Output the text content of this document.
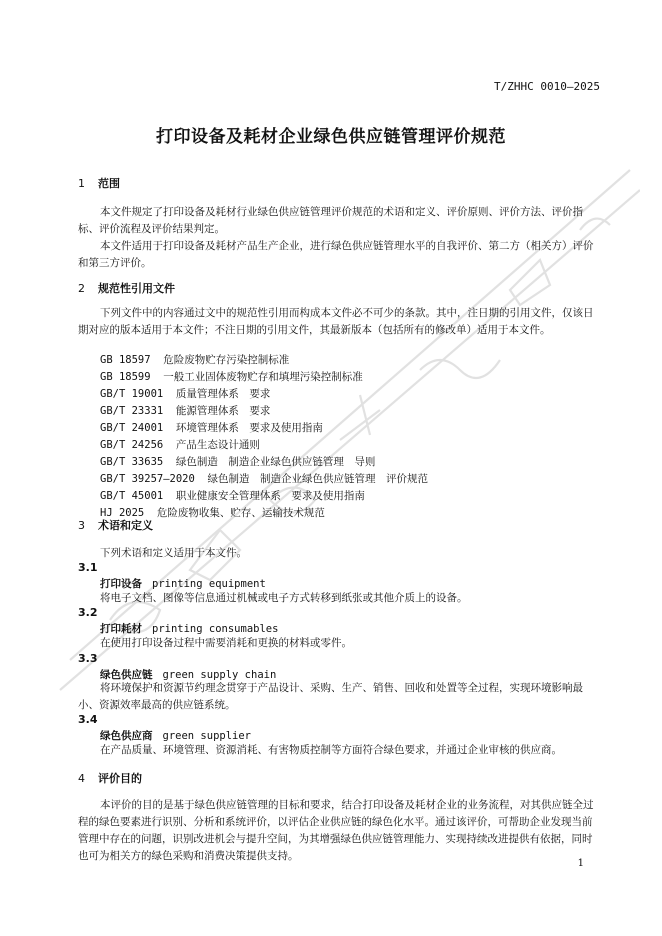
T/ZHHC 0010—2025
打印设备及耗材企业绿色供应链管理评价规范
1 范围
本文件规定了打印设备及耗材行业绿色供应链管理评价规范的术语和定义、评价原则、评价方法、评价指标、评价流程及评价结果判定。
本文件适用于打印设备及耗材产品生产企业，进行绿色供应链管理水平的自我评价、第二方（相关方）评价和第三方评价。
2 规范性引用文件
下列文件中的内容通过文中的规范性引用而构成本文件必不可少的条款。其中，注日期的引用文件，仅该日期对应的版本适用于本文件；不注日期的引用文件，其最新版本（包括所有的修改单）适用于本文件。
GB 18597 危险废物贮存污染控制标准
GB 18599 一般工业固体废物贮存和填埋污染控制标准
GB/T 19001 质量管理体系　要求
GB/T 23331 能源管理体系　要求
GB/T 24001 环境管理体系　要求及使用指南
GB/T 24256 产品生态设计通则
GB/T 33635 绿色制造　制造企业绿色供应链管理　导则
GB/T 39257—2020 绿色制造　制造企业绿色供应链管理　评价规范
GB/T 45001 职业健康安全管理体系　要求及使用指南
HJ 2025 危险废物收集、贮存、运输技术规范
3 术语和定义
下列术语和定义适用于本文件。
3.1
打印设备 printing equipment
将电子文档、图像等信息通过机械或电子方式转移到纸张或其他介质上的设备。
3.2
打印耗材 printing consumables
在使用打印设备过程中需要消耗和更换的材料或零件。
3.3
绿色供应链 green supply chain
将环境保护和资源节约理念贯穿于产品设计、采购、生产、销售、回收和处置等全过程，实现环境影响最小、资源效率最高的供应链系统。
3.4
绿色供应商 green supplier
在产品质量、环境管理、资源消耗、有害物质控制等方面符合绿色要求，并通过企业审核的供应商。
4 评价目的
本评价的目的是基于绿色供应链管理的目标和要求，结合打印设备及耗材企业的业务流程，对其供应链全过程的绿色要素进行识别、分析和系统评价，以评估企业供应链的绿色化水平。通过该评价，可帮助企业发现当前管理中存在的问题，识别改进机会与提升空间，为其增强绿色供应链管理能力、实现持续改进提供有依据，同时也可为相关方的绿色采购和消费决策提供支持。
1
